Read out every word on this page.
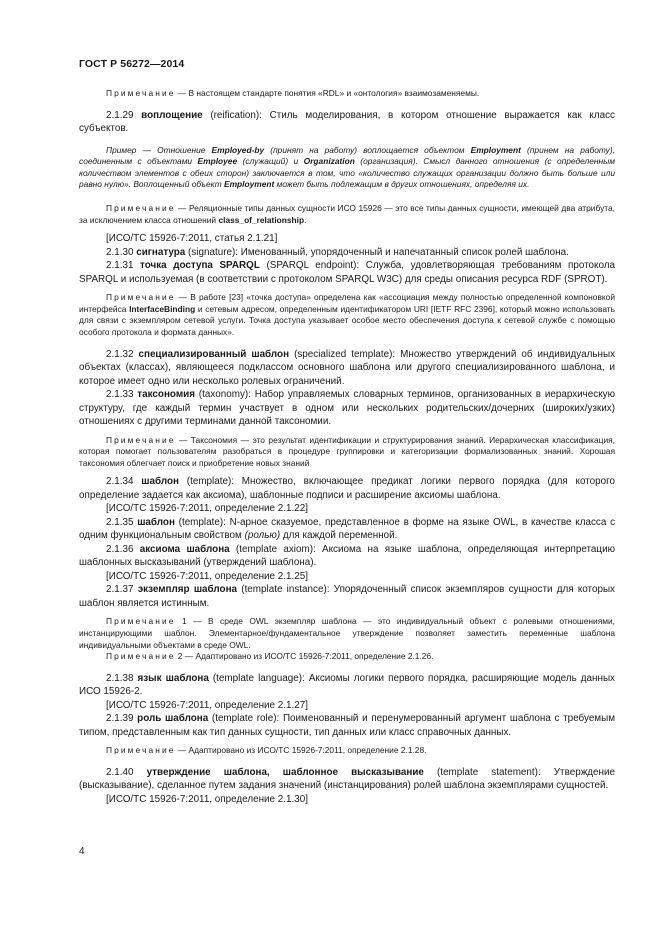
ГОСТ Р 56272—2014

Примечание — В настоящем стандарте понятия «RDL» и «онтология» взаимозаменяемы.

2.1.29 воплощение (reification): Стиль моделирования, в котором отношение выражается как класс субъектов.

Пример — Отношение Employed-by (принят на работу) воплощается объектом Employment (принем на работу), соединенным с объектами Employee (служащий) и Organization (организация). Смысл данного отношения (с определенным количеством элементов с обеих сторон) заключается в том, что «количество служащих организации должно быть больше или равно нулю». Воплощенный объект Employment может быть подлежащим в других отношениях, определяя их.

Примечание — Реляционные типы данных сущности ИСО 15926 — это все типы данных сущности, имеющей два атрибута, за исключением класса отношений class_of_relationship.

[ИСО/ТС 15926-7:2011, статья 2.1.21]

2.1.30 сигнатура (signature): Именованный, упорядоченный и напечатанный список ролей шаблона.

2.1.31 точка доступа SPARQL (SPARQL endpoint): Служба, удовлетворяющая требованиям протокола SPARQL и используемая (в соответствии с протоколом SPARQL W3C) для среды описания ресурса RDF (SPROT).

Примечание — В работе [23] «точка доступа» определена как «ассоциация между полностью определенной компоновкой интерфейса InterfaceBinding и сетевым адресом, определенным идентификатором URI [IETF RFC 2396], который можно использовать для связи с экземпляром сетевой услуги. Точка доступа указывает особое место обеспечения доступа к сетевой службе с помощью особого протокола и формата данных».

2.1.32 специализированный шаблон (specialized template): Множество утверждений об индивидуальных объектах (классах), являющееся подклассом основного шаблона или другого специализированного шаблона, и которое имеет одно или несколько ролевых ограничений.

2.1.33 таксономия (taxonomy): Набор управляемых словарных терминов, организованных в иерархическую структуру, где каждый термин участвует в одном или нескольких родительских/дочерних (широких/узких) отношениях с другими терминами данной таксономии.

Примечание — Таксономия — это результат идентификации и структурирования знаний. Иерархическая классификация, которая помогает пользователям разобраться в процедуре группировки и категоризации формализованных знаний. Хорошая таксономия облегчает поиск и приобретение новых знаний

2.1.34 шаблон (template): Множество, включающее предикат логики первого порядка (для которого определение задается как аксиома), шаблонные подписи и расширение аксиомы шаблона.

[ИСО/ТС 15926-7:2011, определение 2.1.22]

2.1.35 шаблон (template): N-арное сказуемое, представленное в форме на языке OWL, в качестве класса с одним функциональным свойством (ролью) для каждой переменной.

2.1.36 аксиома шаблона (template axiom): Аксиома на языке шаблона, определяющая интерпретацию шаблонных высказываний (утверждений шаблона).

[ИСО/ТС 15926-7:2011, определение 2.1.25]

2.1.37 экземпляр шаблона (template instance): Упорядоченный список экземпляров сущности для которых шаблон является истинным.

Примечание 1 — В среде OWL экземпляр шаблона — это индивидуальный объект с ролевыми отношениями, инстанцирующими шаблон. Элементарное/фундаментальное утверждение позволяет заместить переменные шаблона индивидуальными объектами в среде OWL.

Примечание 2 — Адаптировано из ИСО/ТС 15926-7:2011, определение 2.1.26.

2.1.38 язык шаблона (template language): Аксиомы логики первого порядка, расширяющие модель данных ИСО 15926-2.

[ИСО/ТС 15926-7:2011, определение 2.1.27]

2.1.39 роль шаблона (template role): Поименованный и перенумерованный аргумент шаблона с требуемым типом, представленным как тип данных сущности, тип данных или класс справочных данных.

Примечание — Адаптировано из ИСО/ТС 15926-7:2011, определение 2.1.28.

2.1.40 утверждение шаблона, шаблонное высказывание (template statement): Утверждение (высказывание), сделанное путем задания значений (инстанцирования) ролей шаблона экземплярами сущностей.

[ИСО/ТС 15926-7:2011, определение 2.1.30]

4
